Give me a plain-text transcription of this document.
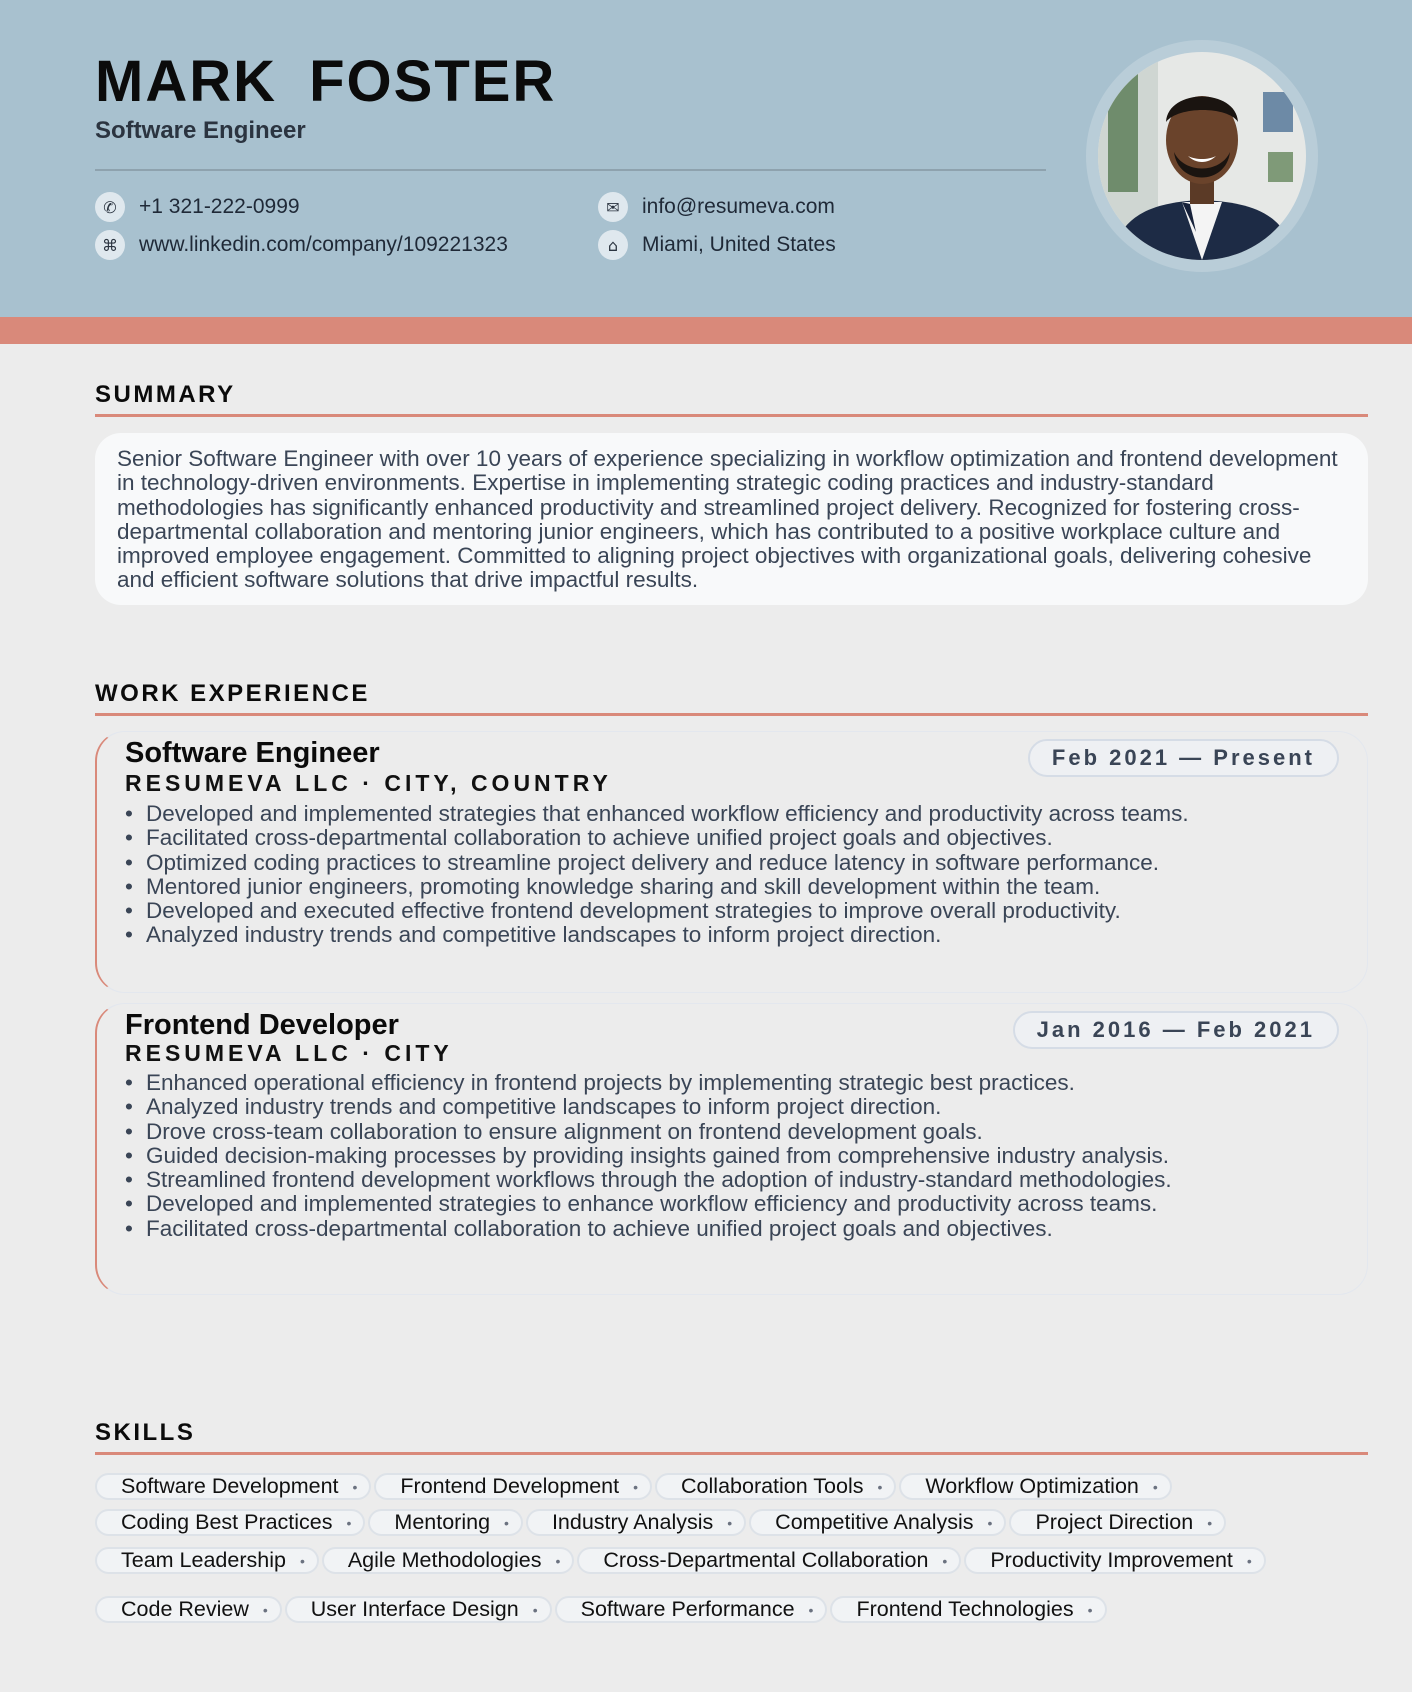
MARK FOSTER
Software Engineer
✆	+1 321-222-0999
⌘	www.linkedin.com/company/109221323
✉	info@resumeva.com
⌂	Miami, United States
SUMMARY
Senior Software Engineer with over 10 years of experience specializing in workflow optimization and frontend development in technology-driven environments. Expertise in implementing strategic coding practices and industry-standard methodologies has significantly enhanced productivity and streamlined project delivery. Recognized for fostering cross-departmental collaboration and mentoring junior engineers, which has contributed to a positive workplace culture and improved employee engagement. Committed to aligning project objectives with organizational goals, delivering cohesive and efficient software solutions that drive impactful results.
WORK EXPERIENCE
Software Engineer
RESUMEVA LLC · CITY, COUNTRY
Feb 2021 — Present
• Developed and implemented strategies that enhanced workflow efficiency and productivity across teams.
• Facilitated cross-departmental collaboration to achieve unified project goals and objectives.
• Optimized coding practices to streamline project delivery and reduce latency in software performance.
• Mentored junior engineers, promoting knowledge sharing and skill development within the team.
• Developed and executed effective frontend development strategies to improve overall productivity.
• Analyzed industry trends and competitive landscapes to inform project direction.
Frontend Developer
RESUMEVA LLC · CITY
Jan 2016 — Feb 2021
• Enhanced operational efficiency in frontend projects by implementing strategic best practices.
• Analyzed industry trends and competitive landscapes to inform project direction.
• Drove cross-team collaboration to ensure alignment on frontend development goals.
• Guided decision-making processes by providing insights gained from comprehensive industry analysis.
• Streamlined frontend development workflows through the adoption of industry-standard methodologies.
• Developed and implemented strategies to enhance workflow efficiency and productivity across teams.
• Facilitated cross-departmental collaboration to achieve unified project goals and objectives.
SKILLS
Software Development • Frontend Development • Collaboration Tools • Workflow Optimization •
Coding Best Practices • Mentoring • Industry Analysis • Competitive Analysis • Project Direction •
Team Leadership • Agile Methodologies • Cross-Departmental Collaboration • Productivity Improvement •
Code Review • User Interface Design • Software Performance • Frontend Technologies •
